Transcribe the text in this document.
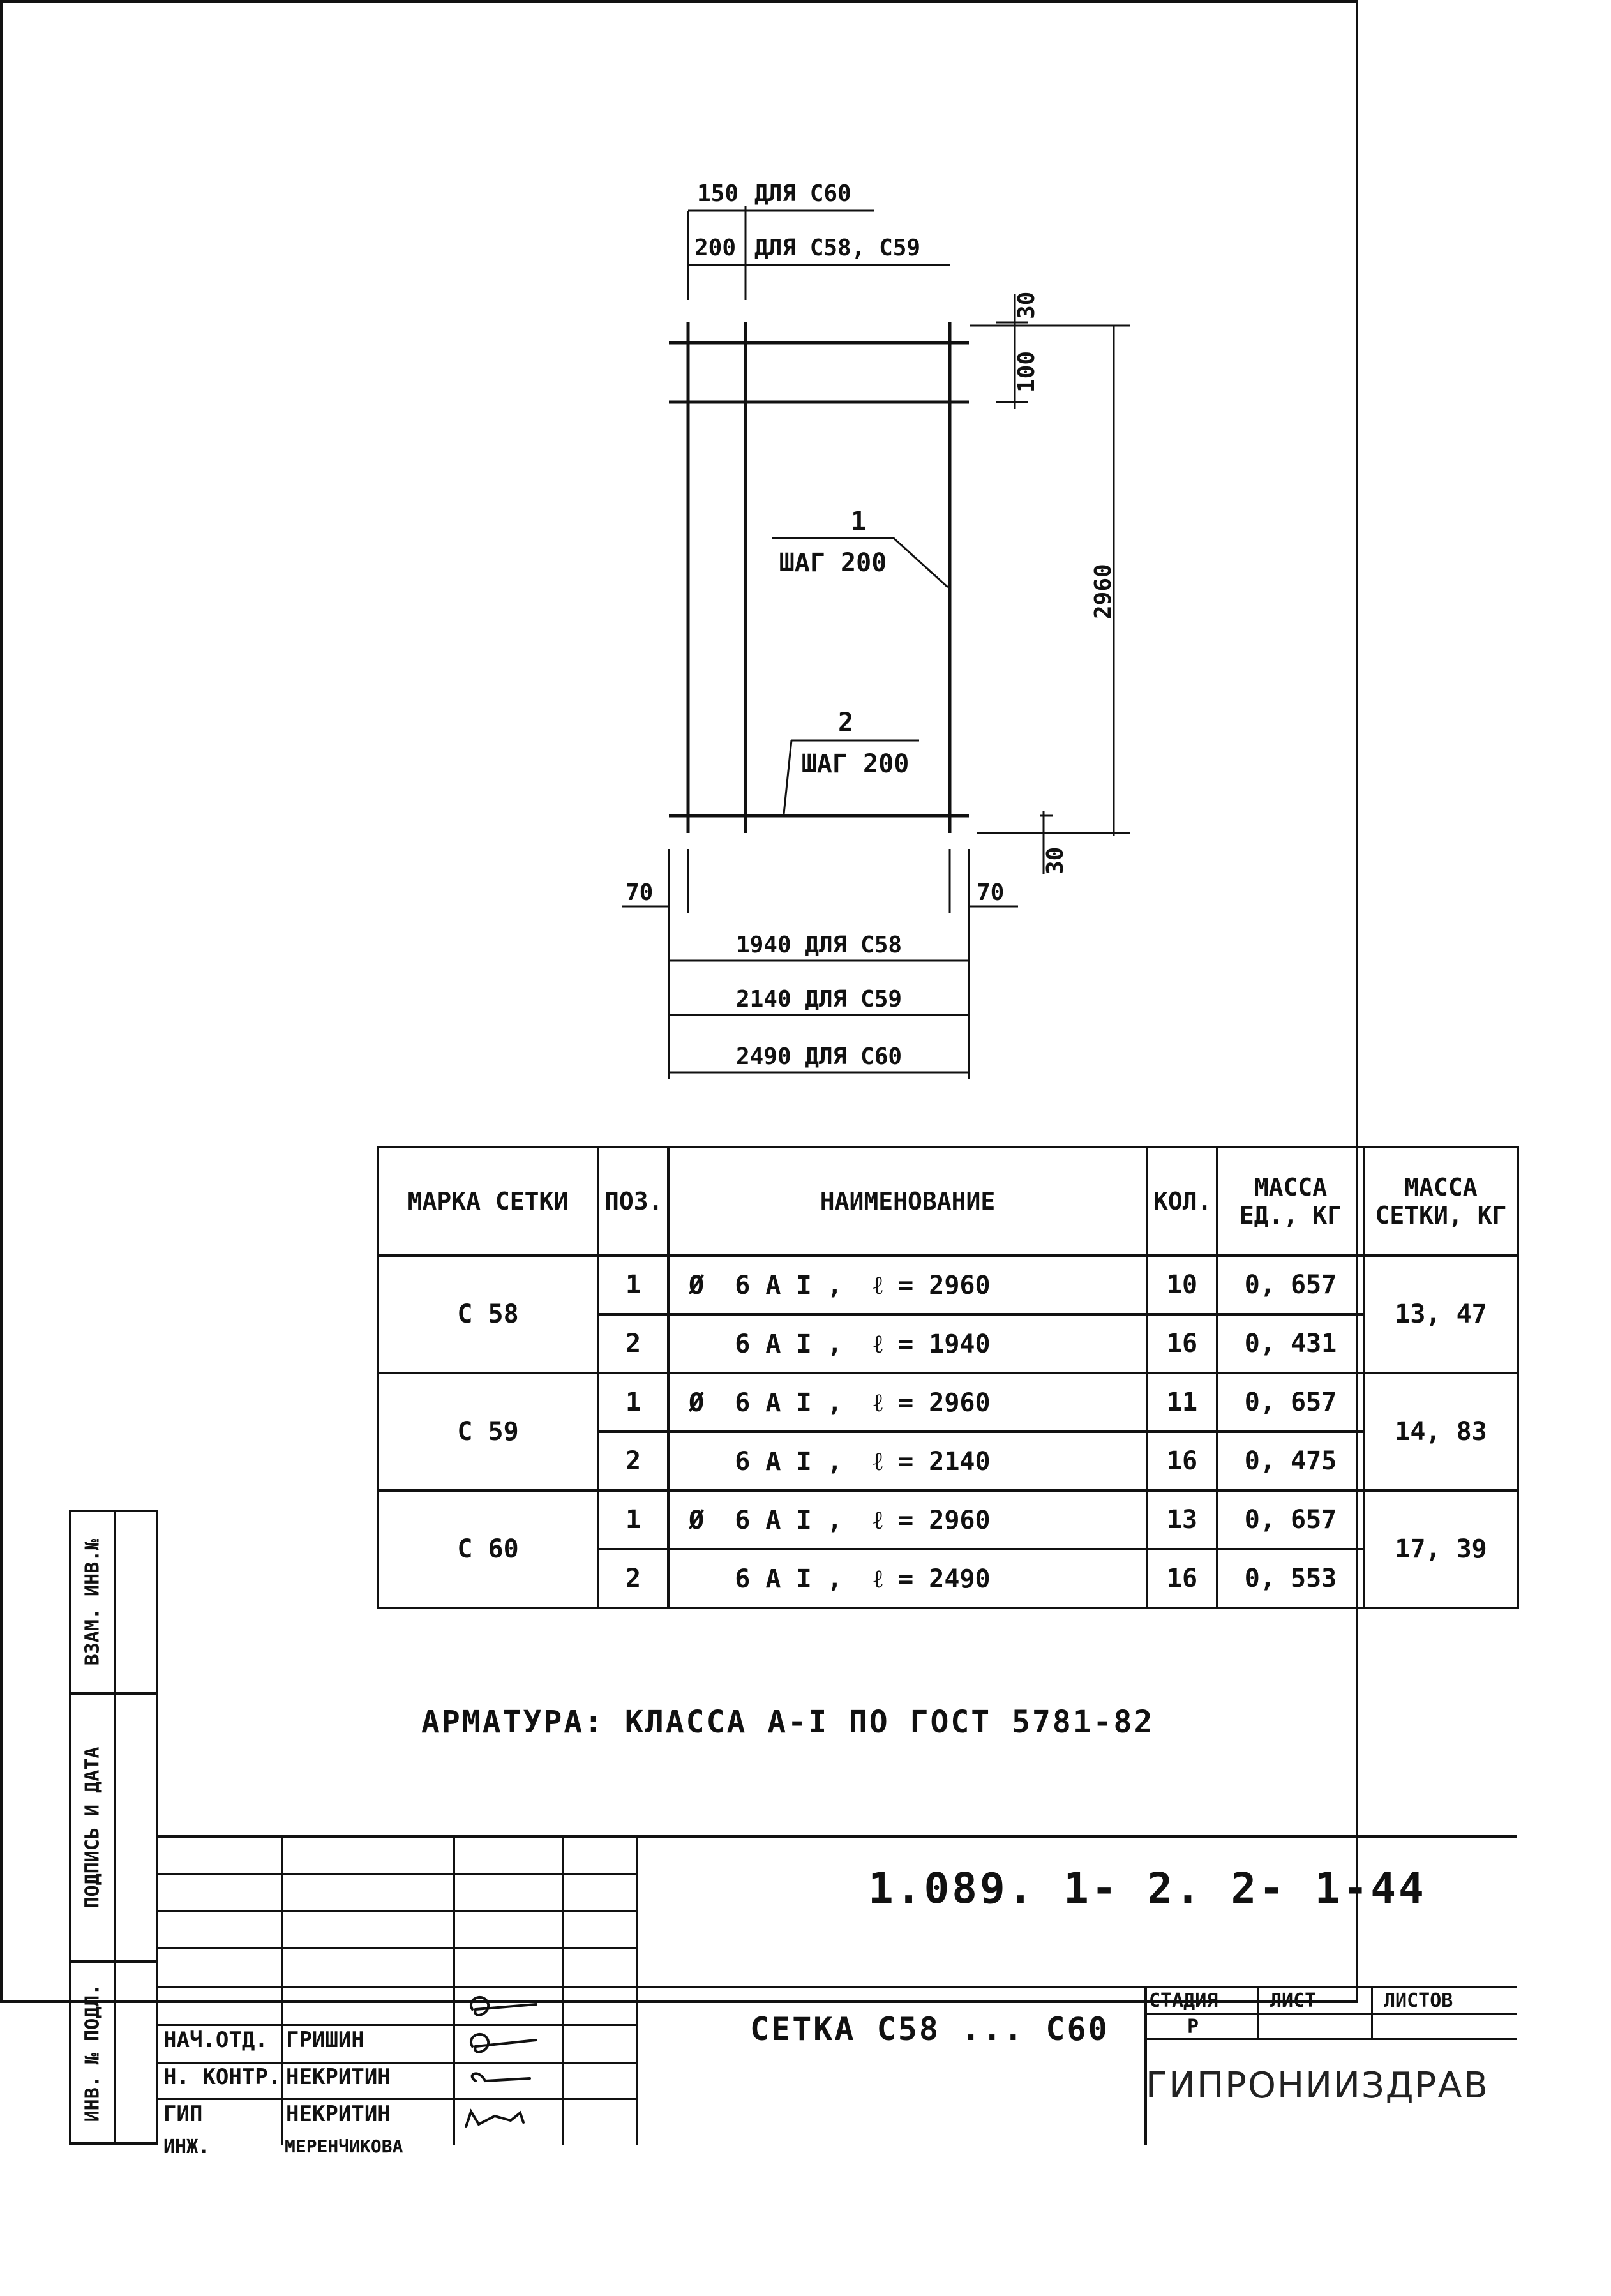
150 ДЛЯ С60
200 ДЛЯ С58, С59
30
100
2960
30
1
ШАГ 200
2
ШАГ 200
70	70
1940 ДЛЯ С58
2140 ДЛЯ С59
2490 ДЛЯ С60
МАРКА СЕТКИ	ПОЗ.	НАИМЕНОВАНИЕ	КОЛ.	МАССА ЕД., КГ	МАССА СЕТКИ, КГ
С 58	1	Ø  6 A I ,  ℓ = 2960	10	0, 657	13, 47
	2	6 A I ,  ℓ = 1940	16	0, 431	
С 59	1	Ø  6 A I ,  ℓ = 2960	11	0, 657	14, 83
	2	6 A I ,  ℓ = 2140	16	0, 475	
С 60	1	Ø  6 A I ,  ℓ = 2960	13	0, 657	17, 39
	2	6 A I ,  ℓ = 2490	16	0, 553	
АРМАТУРА: КЛАССА А-I ПО ГОСТ 5781-82
ВЗАМ. ИНВ.№
ПОДПИСЬ И ДАТА
ИНВ. № ПОДЛ.
1.089. 1- 2. 2- 1-44
СЕТКА С58 ... С60
СТАДИЯ	ЛИСТ	ЛИСТОВ
Р
ГИПРОНИИЗДРАВ
НАЧ.ОТД. ГРИШИН
Н. КОНТР. НЕКРИТИН
ГИП	НЕКРИТИН
ИНЖ.	МЕРЕНЧИКОВА
